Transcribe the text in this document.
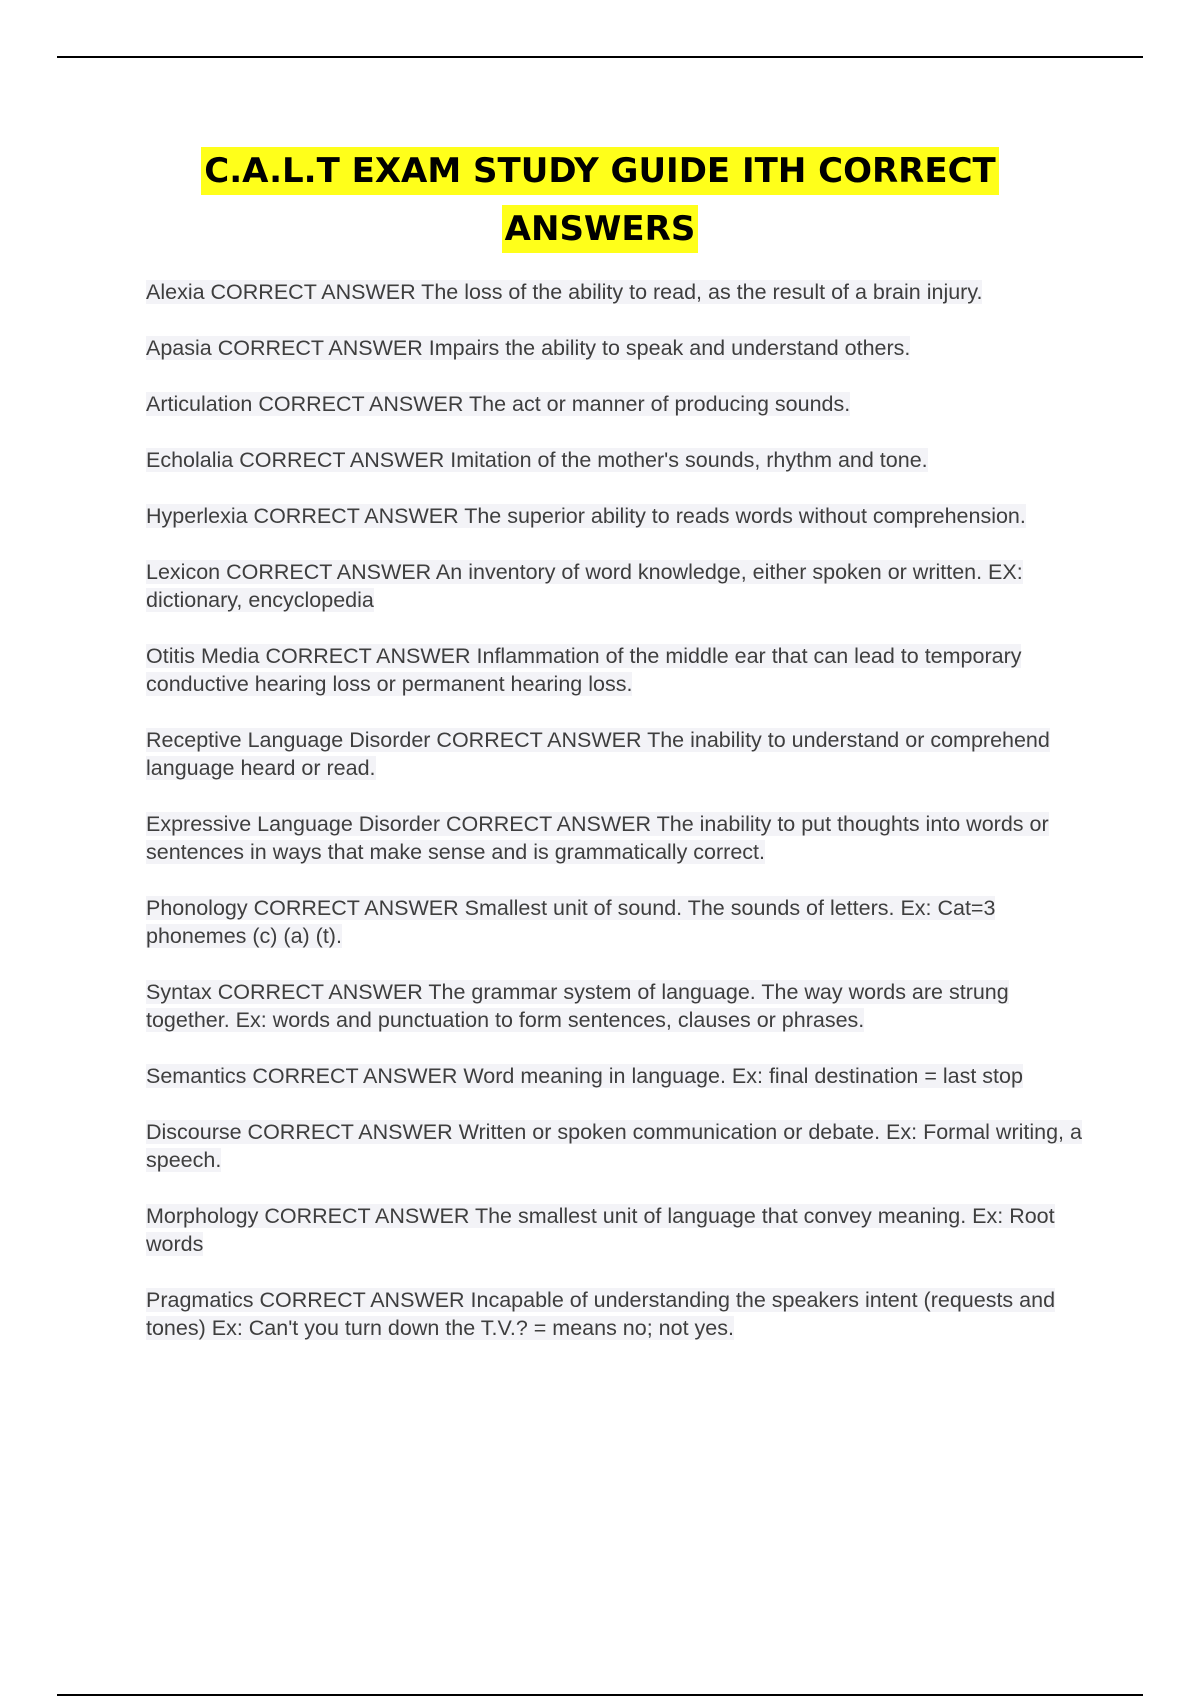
C.A.L.T EXAM STUDY GUIDE ITH CORRECT
ANSWERS

Alexia CORRECT ANSWER The loss of the ability to read, as the result of a brain injury.

Apasia CORRECT ANSWER Impairs the ability to speak and understand others.

Articulation CORRECT ANSWER The act or manner of producing sounds.

Echolalia CORRECT ANSWER Imitation of the mother's sounds, rhythm and tone.

Hyperlexia CORRECT ANSWER The superior ability to reads words without comprehension.

Lexicon CORRECT ANSWER An inventory of word knowledge, either spoken or written. EX: dictionary, encyclopedia

Otitis Media CORRECT ANSWER Inflammation of the middle ear that can lead to temporary conductive hearing loss or permanent hearing loss.

Receptive Language Disorder CORRECT ANSWER The inability to understand or comprehend language heard or read.

Expressive Language Disorder CORRECT ANSWER The inability to put thoughts into words or sentences in ways that make sense and is grammatically correct.

Phonology CORRECT ANSWER Smallest unit of sound. The sounds of letters. Ex: Cat=3 phonemes (c) (a) (t).

Syntax CORRECT ANSWER The grammar system of language. The way words are strung together. Ex: words and punctuation to form sentences, clauses or phrases.

Semantics CORRECT ANSWER Word meaning in language. Ex: final destination = last stop

Discourse CORRECT ANSWER Written or spoken communication or debate. Ex: Formal writing, a speech.

Morphology CORRECT ANSWER The smallest unit of language that convey meaning. Ex: Root words

Pragmatics CORRECT ANSWER Incapable of understanding the speakers intent (requests and tones) Ex: Can't you turn down the T.V.? = means no; not yes.
